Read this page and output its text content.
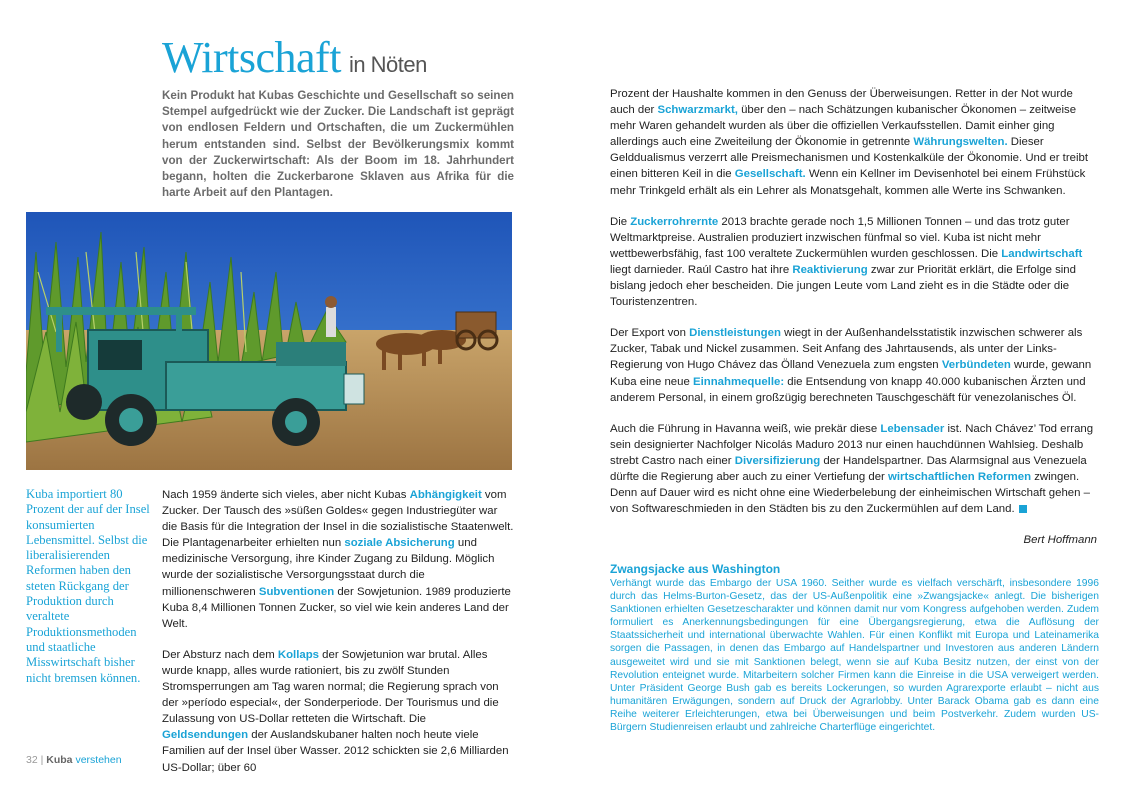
Wirtschaft in Nöten
Kein Produkt hat Kubas Geschichte und Gesellschaft so seinen Stempel aufgedrückt wie der Zucker. Die Landschaft ist geprägt von endlosen Feldern und Ortschaften, die um Zuckermühlen herum entstanden sind. Selbst der Bevölkerungsmix kommt von der Zuckerwirtschaft: Als der Boom im 18. Jahrhundert begann, holten die Zuckerbarone Sklaven aus Afrika für die harte Arbeit auf den Plantagen.
Kuba importiert 80 Prozent der auf der Insel konsumierten Lebensmittel. Selbst die liberalisierenden Reformen haben den steten Rückgang der Produktion durch veraltete Produktionsmethoden und staatliche Misswirtschaft bisher nicht bremsen können.

Nach 1959 änderte sich vieles, aber nicht Kubas Abhängigkeit vom Zucker. Der Tausch des »süßen Goldes« gegen Industriegüter war die Basis für die Integration der Insel in die sozialistische Staatenwelt. Die Plantagenarbeiter erhielten nun soziale Absicherung und medizinische Versorgung, ihre Kinder Zugang zu Bildung. Möglich wurde der sozialistische Versorgungsstaat durch die millionenschweren Subventionen der Sowjetunion. 1989 produzierte Kuba 8,4 Millionen Tonnen Zucker, so viel wie kein anderes Land der Welt.

Der Absturz nach dem Kollaps der Sowjetunion war brutal. Alles wurde knapp, alles wurde rationiert, bis zu zwölf Stunden Stromsperrungen am Tag waren normal; die Regierung sprach von der »período especial«, der Sonderperiode. Der Tourismus und die Zulassung von US-Dollar retteten die Wirtschaft. Die Geldsendungen der Auslandskubaner halten noch heute viele Familien auf der Insel über Wasser. 2012 schickten sie 2,6 Milliarden US-Dollar; über 60

Prozent der Haushalte kommen in den Genuss der Überweisungen. Retter in der Not wurde auch der Schwarzmarkt, über den – nach Schätzungen kubanischer Ökonomen – zeitweise mehr Waren gehandelt wurden als über die offiziellen Verkaufsstellen. Damit einher ging allerdings auch eine Zweiteilung der Ökonomie in getrennte Währungswelten. Dieser Gelddualismus verzerrt alle Preismechanismen und Kostenkalküle der Ökonomie. Und er treibt einen bitteren Keil in die Gesellschaft. Wenn ein Kellner im Devisenhotel bei einem Frühstück mehr Trinkgeld erhält als ein Lehrer als Monatsgehalt, kommen alle Werte ins Schwanken.

Die Zuckerrohrernte 2013 brachte gerade noch 1,5 Millionen Tonnen – und das trotz guter Weltmarktpreise. Australien produziert inzwischen fünfmal so viel. Kuba ist nicht mehr wettbewerbsfähig, fast 100 veraltete Zuckermühlen wurden geschlossen. Die Landwirtschaft liegt darnieder. Raúl Castro hat ihre Reaktivierung zwar zur Priorität erklärt, die Erfolge sind bislang jedoch eher bescheiden. Die jungen Leute vom Land zieht es in die Städte oder die Touristenzentren.

Der Export von Dienstleistungen wiegt in der Außenhandelsstatistik inzwischen schwerer als Zucker, Tabak und Nickel zusammen. Seit Anfang des Jahrtausends, als unter der Links-Regierung von Hugo Chávez das Ölland Venezuela zum engsten Verbündeten wurde, gewann Kuba eine neue Einnahmequelle: die Entsendung von knapp 40.000 kubanischen Ärzten und anderem Personal, in einem großzügig berechneten Tauschgeschäft für venezolanisches Öl.

Auch die Führung in Havanna weiß, wie prekär diese Lebensader ist. Nach Chávez’ Tod errang sein designierter Nachfolger Nicolás Maduro 2013 nur einen hauchdünnen Wahlsieg. Deshalb strebt Castro nach einer Diversifizierung der Handelspartner. Das Alarmsignal aus Venezuela dürfte die Regierung aber auch zu einer Vertiefung der wirtschaftlichen Reformen zwingen. Denn auf Dauer wird es nicht ohne eine Wiederbelebung der einheimischen Wirtschaft gehen – von Softwareschmieden in den Städten bis zu den Zuckermühlen auf dem Land.

Bert Hoffmann

Zwangsjacke aus Washington
Verhängt wurde das Embargo der USA 1960. Seither wurde es vielfach verschärft, insbesondere 1996 durch das Helms-Burton-Gesetz, das der US-Außenpolitik eine »Zwangsjacke« anlegt. Die bisherigen Sanktionen erhielten Gesetzescharakter und können damit nur vom Kongress aufgehoben werden. Zudem formuliert es Anerkennungsbedingungen für eine Übergangsregierung, etwa die Auflösung der Staatssicherheit und international überwachte Wahlen. Für einen Konflikt mit Europa und Lateinamerika sorgen die Passagen, in denen das Embargo auf Handelspartner und Investoren aus anderen Ländern ausgeweitet wird und sie mit Sanktionen belegt, wenn sie auf Kuba Besitz nutzen, der einst von der Revolution enteignet wurde. Mitarbeitern solcher Firmen kann die Einreise in die USA verweigert werden. Unter Präsident George Bush gab es bereits Lockerungen, so wurden Agrarexporte erlaubt – nicht aus humanitären Erwägungen, sondern auf Druck der Agrarlobby. Unter Barack Obama gab es dann eine Reihe weiterer Erleichterungen, etwa bei Überweisungen und beim Postverkehr. Zudem wurden US-Bürgern Studienreisen erlaubt und zahlreiche Charterflüge eingerichtet.
32 | Kuba verstehen
